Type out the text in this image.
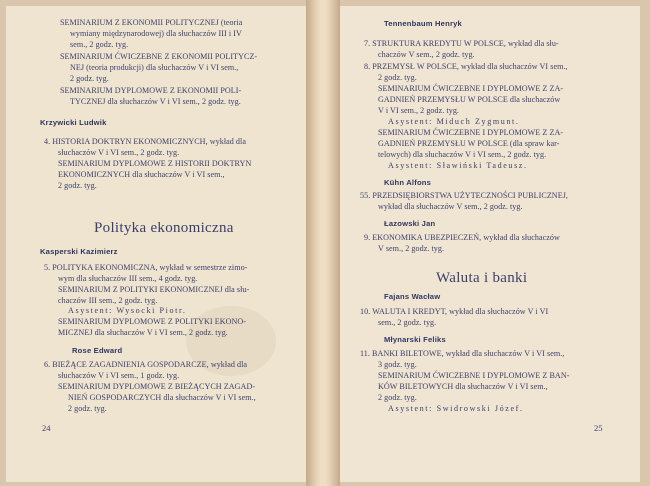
SEMINARIUM Z EKONOMII POLITYCZNEJ (teoria
wymiany międzynarodowej) dla słuchaczów III i IV
sem., 2 godz. tyg.
SEMINARIUM ĆWICZEBNE Z EKONOMII POLITYCZ-
NEJ (teoria produkcji) dla słuchaczów V i VI sem.,
2 godz. tyg.
SEMINARIUM DYPLOMOWE Z EKONOMII POLI-
TYCZNEJ dla słuchaczów V i VI sem., 2 godz. tyg.
Krzywicki Ludwik
4. HISTORIA DOKTRYN EKONOMICZNYCH, wykład dla
słuchaczów V i VI sem., 2 godz. tyg.
SEMINARIUM DYPLOMOWE Z HISTORII DOKTRYN
EKONOMICZNYCH dla słuchaczów V i VI sem.,
2 godz. tyg.
Polityka ekonomiczna
Kasperski Kazimierz
5. POLITYKA EKONOMICZNA, wykład w semestrze zimo-
wym dla słuchaczów III sem., 4 godz. tyg.
SEMINARIUM Z POLITYKI EKONOMICZNEJ dla słu-
chaczów III sem., 2 godz. tyg.
Asystent: Wysocki Piotr.
SEMINARIUM DYPLOMOWE Z POLITYKI EKONO-
MICZNEJ dla słuchaczów V i VI sem., 2 godz. tyg.
Rose Edward
6. BIEŻĄCE ZAGADNIENIA GOSPODARCZE, wykład dla
słuchaczów V i VI sem., 1 godz. tyg.
SEMINARIUM DYPLOMOWE Z BIEŻĄCYCH ZAGAD-
NIEŃ GOSPODARCZYCH dla słuchaczów V i VI sem.,
2 godz. tyg.
24
Tennenbaum Henryk
7. STRUKTURA KREDYTU W POLSCE, wykład dla słu-
chaczów V sem., 2 godz. tyg.
8. PRZEMYSŁ W POLSCE, wykład dla słuchaczów VI sem.,
2 godz. tyg.
SEMINARIUM ĆWICZEBNE I DYPLOMOWE Z ZA-
GADNIEŃ PRZEMYSŁU W POLSCE dla słuchaczów
V i VI sem., 2 godz. tyg.
Asystent: Miduch Zygmunt.
SEMINARIUM ĆWICZEBNE I DYPLOMOWE Z ZA-
GADNIEŃ PRZEMYSŁU W POLSCE (dla spraw kar-
telowych) dla słuchaczów V i VI sem., 2 godz. tyg.
Asystent: Sławiński Tadeusz.
Kühn Alfons
55. PRZEDSIĘBIORSTWA UŻYTECZNOŚCI PUBLICZNEJ,
wykład dla słuchaczów V sem., 2 godz. tyg.
Łazowski Jan
9. EKONOMIKA UBEZPIECZEŃ, wykład dla słuchaczów
V sem., 2 godz. tyg.
Waluta i banki
Fajans Wacław
10. WALUTA I KREDYT, wykład dla słuchaczów V i VI
sem., 2 godz. tyg.
Młynarski Feliks
11. BANKI BILETOWE, wykład dla słuchaczów V i VI sem.,
3 godz. tyg.
SEMINARIUM ĆWICZEBNE I DYPLOMOWE Z BAN-
KÓW BILETOWYCH dla słuchaczów V i VI sem.,
2 godz. tyg.
Asystent: Swidrowski Józef.
25
